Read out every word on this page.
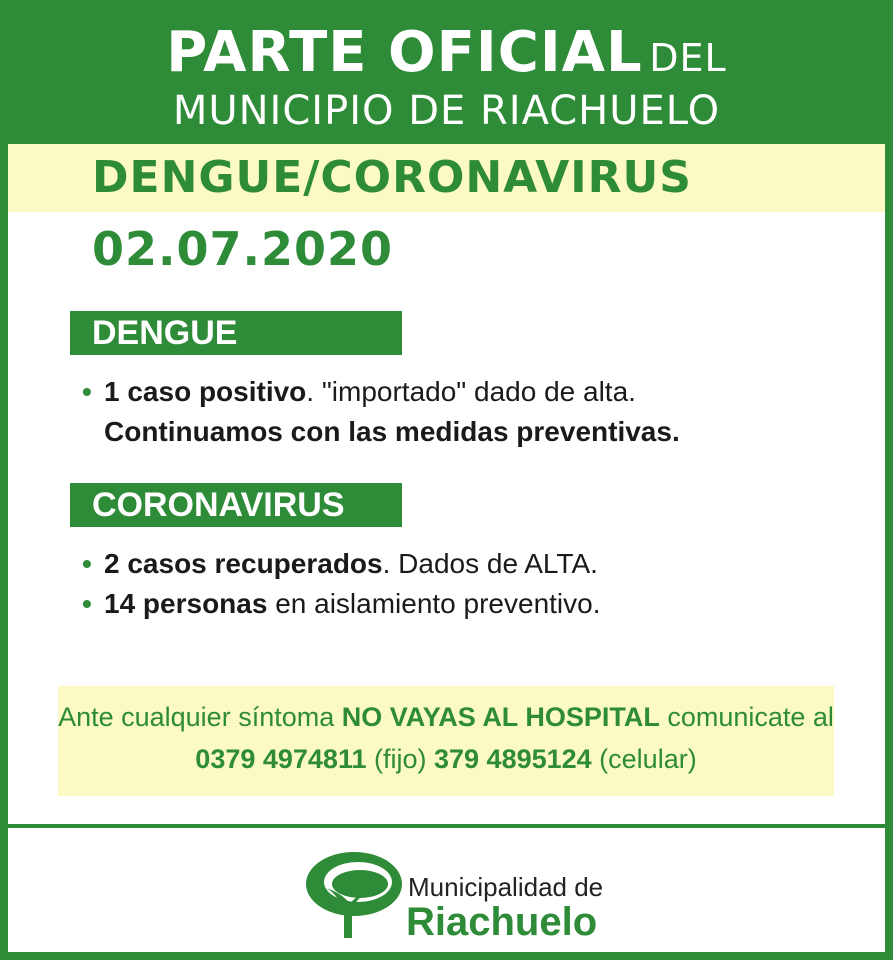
PARTE OFICIAL DEL
MUNICIPIO DE RIACHUELO
DENGUE/CORONAVIRUS
02.07.2020
DENGUE
• 1 caso positivo. "importado" dado de alta.
Continuamos con las medidas preventivas.
CORONAVIRUS
• 2 casos recuperados. Dados de ALTA.
• 14 personas en aislamiento preventivo.
Ante cualquier síntoma NO VAYAS AL HOSPITAL comunicate al
0379 4974811 (fijo) 379 4895124 (celular)
Municipalidad de
Riachuelo
